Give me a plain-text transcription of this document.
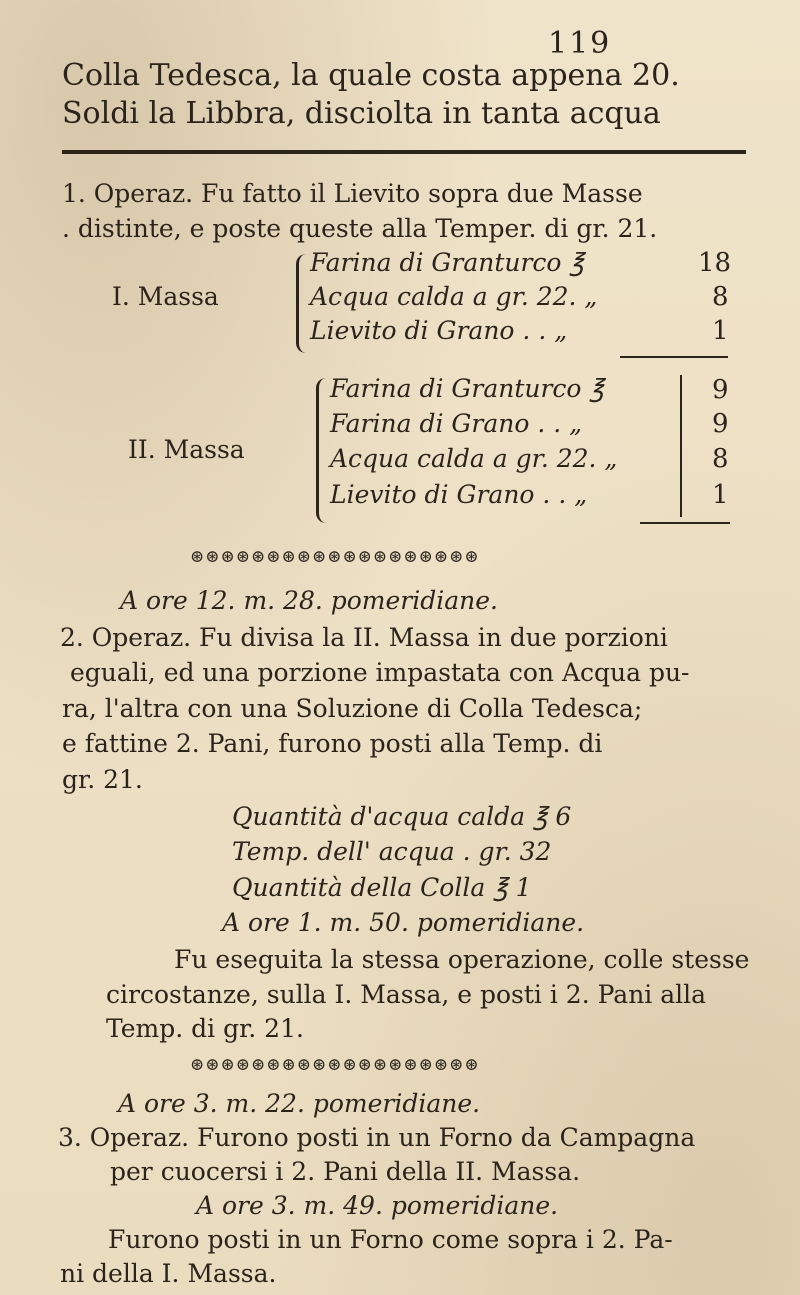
119
Colla Tedesca, la quale costa appena 20.
Soldi la Libbra, disciolta in tanta acqua
1. Operaz. Fu fatto il Lievito sopra due Masse
. distinte, e poste queste alla Temper. di gr. 21.
I. Massa
Farina di Granturco ℥	18
Acqua calda a gr. 22. „	8
Lievito di Grano . . „	1
II. Massa
Farina di Granturco ℥	9
Farina di Grano . . „	9
Acqua calda a gr. 22. „	8
Lievito di Grano . . „	1
⊛⊛⊛⊛⊛⊛⊛⊛⊛⊛⊛⊛⊛⊛⊛⊛⊛⊛⊛
A ore 12. m. 28. pomeridiane.
2. Operaz. Fu divisa la II. Massa in due porzioni
eguali, ed una porzione impastata con Acqua pu-
ra, l'altra con una Soluzione di Colla Tedesca;
e fattine 2. Pani, furono posti alla Temp. di
gr. 21.
Quantità d'acqua calda ℥ 6
Temp. dell' acqua . gr. 32
Quantità della Colla ℥ 1
A ore 1. m. 50. pomeridiane.
Fu eseguita la stessa operazione, colle stesse
circostanze, sulla I. Massa, e posti i 2. Pani alla
Temp. di gr. 21.
⊛⊛⊛⊛⊛⊛⊛⊛⊛⊛⊛⊛⊛⊛⊛⊛⊛⊛⊛
A ore 3. m. 22. pomeridiane.
3. Operaz. Furono posti in un Forno da Campagna
per cuocersi i 2. Pani della II. Massa.
A ore 3. m. 49. pomeridiane.
Furono posti in un Forno come sopra i 2. Pa-
ni della I. Massa.
